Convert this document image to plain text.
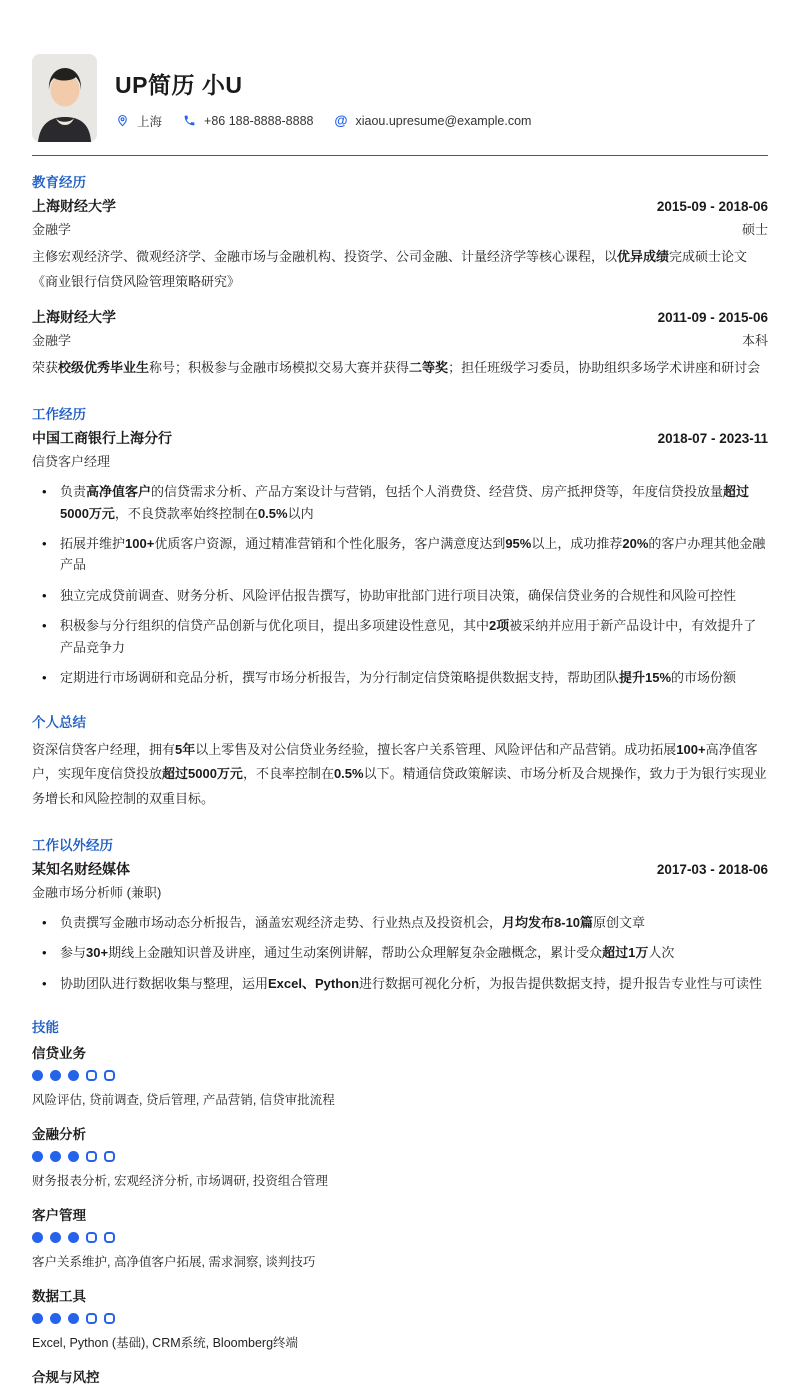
UP简历 小U
上海	+86 188-8888-8888 @ xiaou.upresume@example.com
教育经历
上海财经大学	2015-09 - 2018-06
金融学	硕士

主修宏观经济学、微观经济学、金融市场与金融机构、投资学、公司金融、计量经济学等核心课程，以优异成绩完成硕士论文《商业银行信贷风险管理策略研究》

上海财经大学	2011-09 - 2015-06
金融学	本科

荣获校级优秀毕业生称号；积极参与金融市场模拟交易大赛并获得二等奖；担任班级学习委员，协助组织多场学术讲座和研讨会

工作经历
中国工商银行上海分行	2018-07 - 2023-11
信贷客户经理
• 负责高净值客户的信贷需求分析、产品方案设计与营销，包括个人消费贷、经营贷、房产抵押贷等，年度信贷投放量超过5000万元，不良贷款率始终控制在0.5%以内
• 拓展并维护100+优质客户资源，通过精准营销和个性化服务，客户满意度达到95%以上，成功推荐20%的客户办理其他金融产品
• 独立完成贷前调查、财务分析、风险评估报告撰写，协助审批部门进行项目决策，确保信贷业务的合规性和风险可控性
• 积极参与分行组织的信贷产品创新与优化项目，提出多项建设性意见，其中2项被采纳并应用于新产品设计中，有效提升了产品竞争力
• 定期进行市场调研和竞品分析，撰写市场分析报告，为分行制定信贷策略提供数据支持，帮助团队提升15%的市场份额
个人总结

资深信贷客户经理，拥有5年以上零售及对公信贷业务经验，擅长客户关系管理、风险评估和产品营销。成功拓展100+高净值客户，实现年度信贷投放超过5000万元，不良率控制在0.5%以下。精通信贷政策解读、市场分析及合规操作，致力于为银行实现业务增长和风险控制的双重目标。

工作以外经历
某知名财经媒体	2017-03 - 2018-06
金融市场分析师 (兼职)
• 负责撰写金融市场动态分析报告，涵盖宏观经济走势、行业热点及投资机会，月均发布8-10篇原创文章
• 参与30+期线上金融知识普及讲座，通过生动案例讲解，帮助公众理解复杂金融概念，累计受众超过1万人次
• 协助团队进行数据收集与整理，运用Excel、Python进行数据可视化分析，为报告提供数据支持，提升报告专业性与可读性
技能
信贷业务
风险评估, 贷前调查, 贷后管理, 产品营销, 信贷审批流程
金融分析
财务报表分析, 宏观经济分析, 市场调研, 投资组合管理
客户管理
客户关系维护, 高净值客户拓展, 需求洞察, 谈判技巧
数据工具
Excel, Python (基础), CRM系统, Bloomberg终端
合规与风控
